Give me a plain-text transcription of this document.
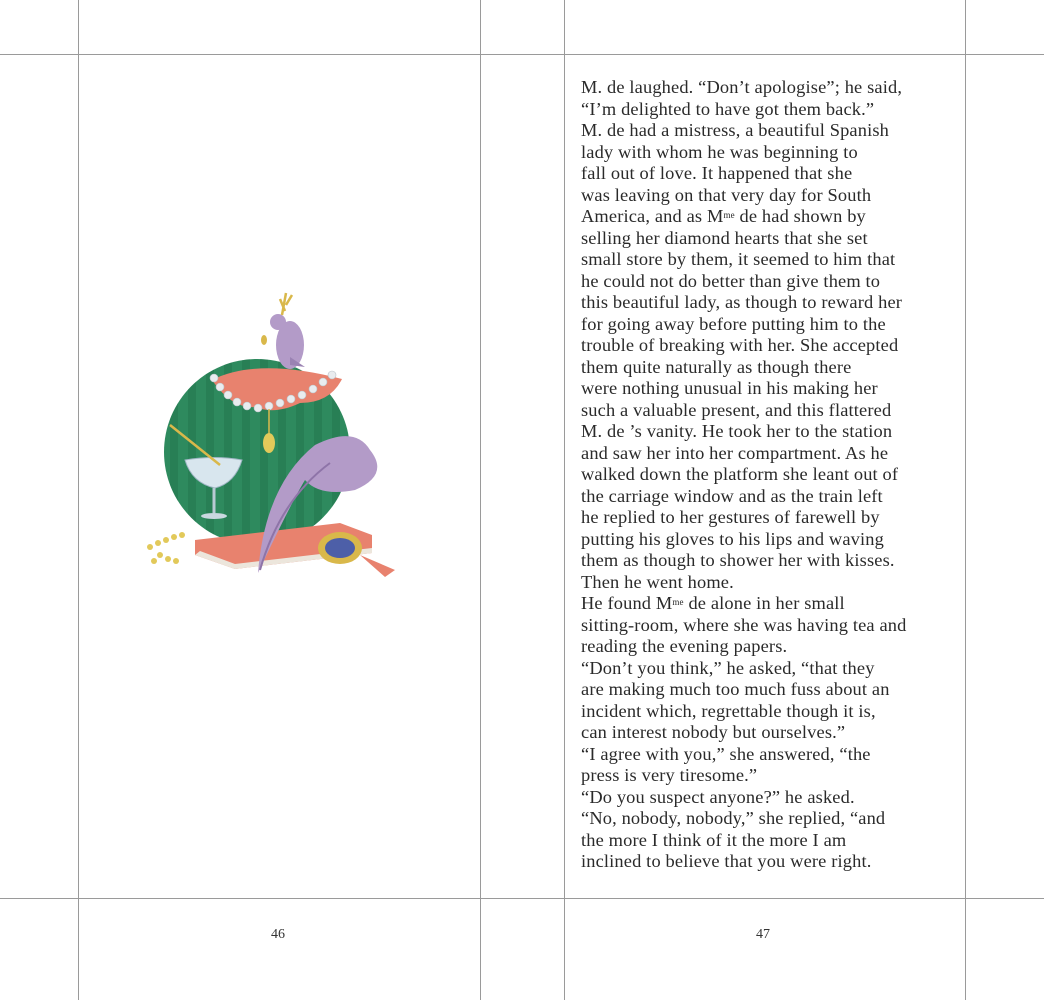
M. de laughed. “Don’t apologise”; he said,
“I’m delighted to have got them back.”
M. de had a mistress, a beautiful Spanish
lady with whom he was beginning to
fall out of love. It happened that she
was leaving on that very day for South
America, and as $M^{me}$ de had shown by
selling her diamond hearts that she set
small store by them, it seemed to him that
he could not do better than give them to
this beautiful lady, as though to reward her
for going away before putting him to the
trouble of breaking with her. She accepted
them quite naturally as though there
were nothing unusual in his making her
such a valuable present, and this flattered
M. de ’s vanity. He took her to the station
and saw her into her compartment. As he
walked down the platform she leant out of
the carriage window and as the train left
he replied to her gestures of farewell by
putting his gloves to his lips and waving
them as though to shower her with kisses.
Then he went home.
He found $M^{me}$ de alone in her small
sitting-room, where she was having tea and
reading the evening papers.
“Don’t you think,” he asked, “that they
are making much too much fuss about an
incident which, regrettable though it is,
can interest nobody but ourselves.”
“I agree with you,” she answered, “the
press is very tiresome.”
“Do you suspect anyone?” he asked.
“No, nobody, nobody,” she replied, “and
the more I think of it the more I am
inclined to believe that you were right.
46	47
